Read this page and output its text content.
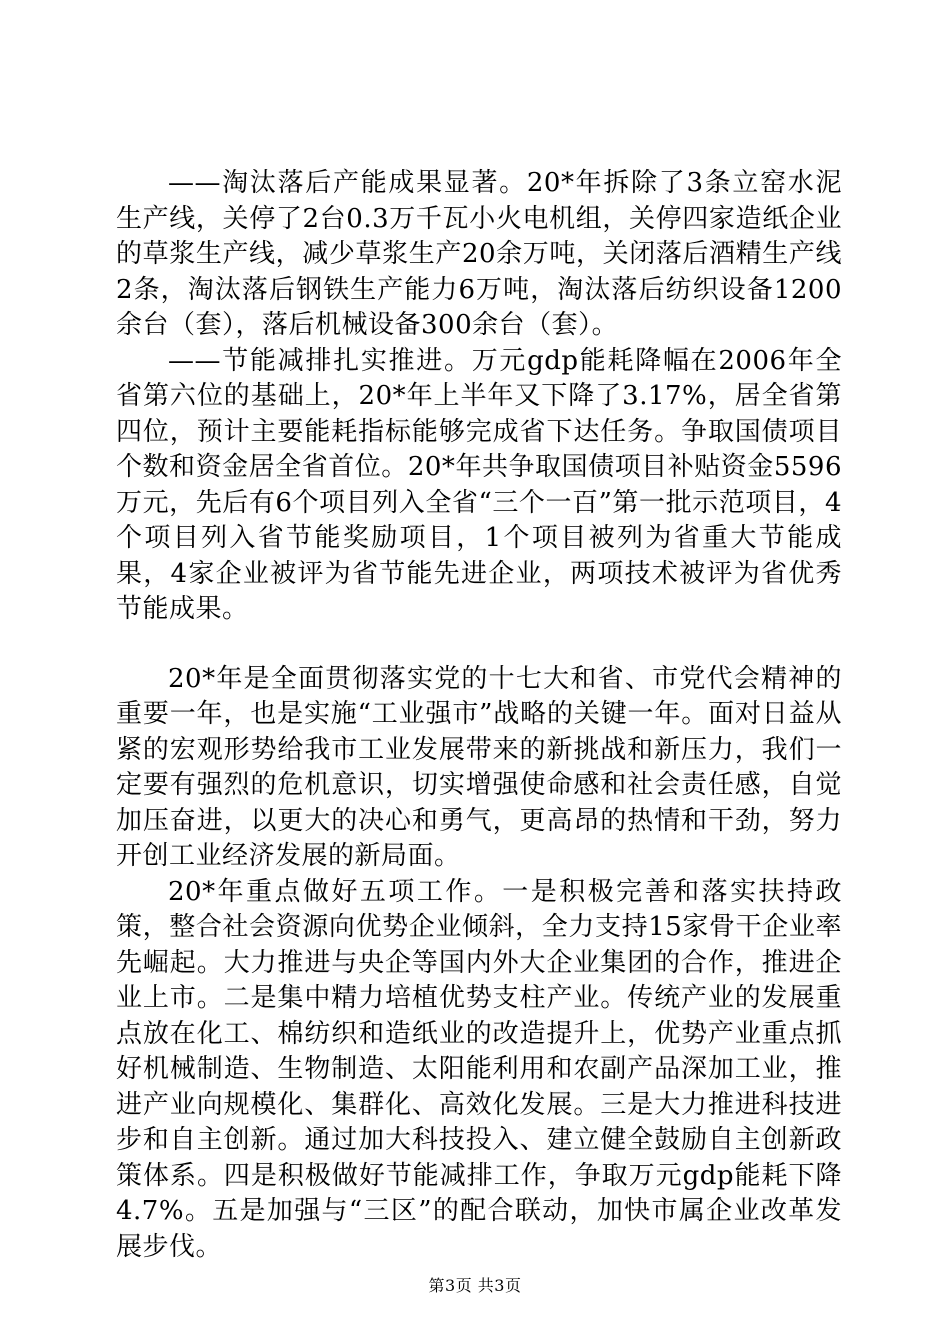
——淘汰落后产能成果显著。20*年拆除了3条立窑水泥生产线，关停了2台0.3万千瓦小火电机组，关停四家造纸企业的草浆生产线，减少草浆生产20余万吨，关闭落后酒精生产线2条，淘汰落后钢铁生产能力6万吨，淘汰落后纺织设备1200余台（套），落后机械设备300余台（套）。

——节能减排扎实推进。万元gdp能耗降幅在2006年全省第六位的基础上，20*年上半年又下降了3.17%，居全省第四位，预计主要能耗指标能够完成省下达任务。争取国债项目个数和资金居全省首位。20*年共争取国债项目补贴资金5596万元，先后有6个项目列入全省“三个一百”第一批示范项目，4个项目列入省节能奖励项目，1个项目被列为省重大节能成果，4家企业被评为省节能先进企业，两项技术被评为省优秀节能成果。

20*年是全面贯彻落实党的十七大和省、市党代会精神的重要一年，也是实施“工业强市”战略的关键一年。面对日益从紧的宏观形势给我市工业发展带来的新挑战和新压力，我们一定要有强烈的危机意识，切实增强使命感和社会责任感，自觉加压奋进，以更大的决心和勇气，更高昂的热情和干劲，努力开创工业经济发展的新局面。

20*年重点做好五项工作。一是积极完善和落实扶持政策，整合社会资源向优势企业倾斜，全力支持15家骨干企业率先崛起。大力推进与央企等国内外大企业集团的合作，推进企业上市。二是集中精力培植优势支柱产业。传统产业的发展重点放在化工、棉纺织和造纸业的改造提升上，优势产业重点抓好机械制造、生物制造、太阳能利用和农副产品深加工业，推进产业向规模化、集群化、高效化发展。三是大力推进科技进步和自主创新。通过加大科技投入、建立健全鼓励自主创新政策体系。四是积极做好节能减排工作，争取万元gdp能耗下降4.7%。五是加强与“三区”的配合联动，加快市属企业改革发展步伐。

第3页 共3页
